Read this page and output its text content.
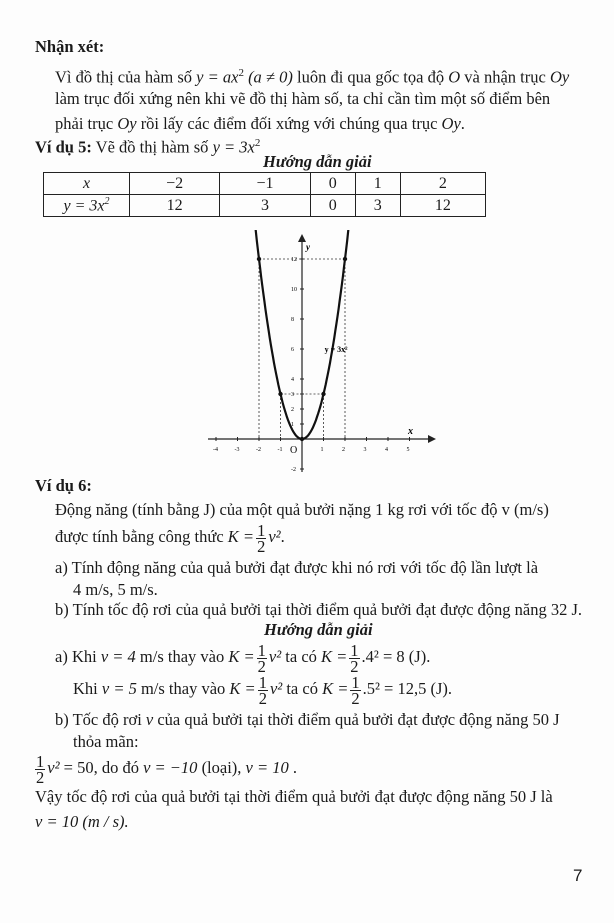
Nhận xét:
Vì đồ thị của hàm số $y = ax^2$ (a ≠ 0) luôn đi qua gốc tọa độ O và nhận trục Oy
làm trục đối xứng nên khi vẽ đồ thị hàm số, ta chỉ cần tìm một số điểm bên
phải trục Oy rồi lấy các điểm đối xứng với chúng qua trục Oy.
Ví dụ 5: Vẽ đồ thị hàm số $y = 3x^2$
Hướng dẫn giải
x	−2	−1	0	1	2
$y = 3x^2$	12	3	0	3	12
-4	-3	-2	-1	1	2	3	4	5
1
2
3
4
6
8
10
12
-2
y = 3x²
x
y
O
Ví dụ 6:
Động năng (tính bằng J) của một quả bưởi nặng 1 kg rơi với tốc độ v (m/s)
được tính bằng công thức $K = \frac{1}{2} v^2$.
a) Tính động năng của quả bưởi đạt được khi nó rơi với tốc độ lần lượt là
4 m/s, 5 m/s.
b) Tính tốc độ rơi của quả bưởi tại thời điểm quả bưởi đạt được động năng 32 J.
Hướng dẫn giải
a) Khi v = 4 m/s thay vào $K = \frac{1}{2} v^2$ ta có $K = \frac{1}{2} .4^2 = 8$ (J).
Khi v = 5 m/s thay vào $K = \frac{1}{2} v^2$ ta có $K = \frac{1}{2} .5^2 = 12,5$ (J).
b) Tốc độ rơi v của quả bưởi tại thời điểm quả bưởi đạt được động năng 50 J
thỏa mãn:
$\frac{1}{2} v^2 = 50$, do đó v = −10 (loại), v = 10 .
Vậy tốc độ rơi của quả bưởi tại thời điểm quả bưởi đạt được động năng 50 J là
v = 10 (m / s).
7
